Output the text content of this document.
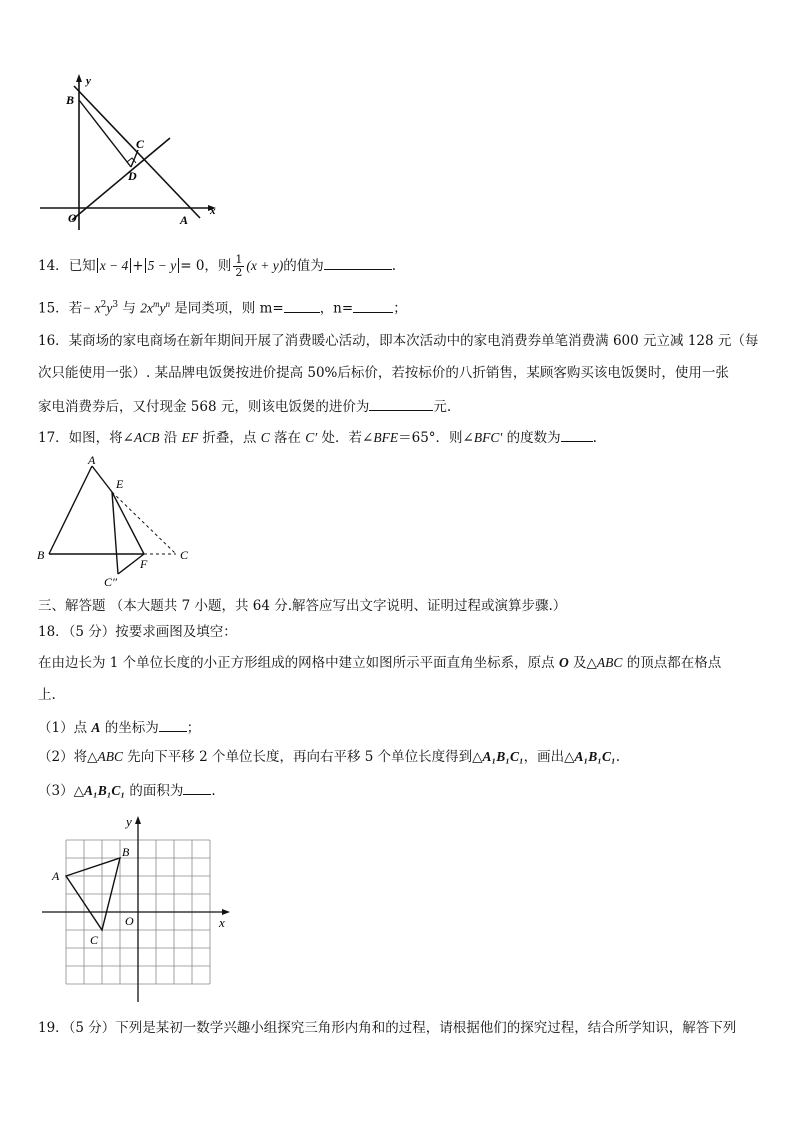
y
B
C
D
O	A
x
14．已知 x − 4 + 5 − y = 0，则 $\frac{1}{2} (x + y)$的值为	.
15．若− $x^2y^3$ 与 $2x^my^n$ 是同类项，则 m=	，n=	；
16．某商场的家电商场在新年期间开展了消费暖心活动，即本次活动中的家电消费券单笔消费满 600 元立减 128 元（每
次只能使用一张）. 某品牌电饭煲按进价提高 50%后标价，若按标价的八折销售，某顾客购买该电饭煲时，使用一张
家电消费券后，又付现金 568 元，则该电饭煲的进价为	元.
17．如图，将∠ACB 沿 EF 折叠，点 C 落在 C′ 处．若∠BFE＝65°．则∠BFC′ 的度数为 .
A
E
B
F
C
C″
三、解答题 （本大题共 7 小题，共 64 分.解答应写出文字说明、证明过程或演算步骤.）
18．（5 分）按要求画图及填空：
在由边长为 1 个单位长度的小正方形组成的网格中建立如图所示平面直角坐标系，原点 O 及△ABC 的顶点都在格点
上.
（1）点 A 的坐标为 ；
（2）将△ABC 先向下平移 2 个单位长度，再向右平移 5 个单位长度得到△A₁B₁C₁，画出△A₁B₁C₁.
（3）△A₁B₁C₁ 的面积为 .
y
x
O
A
B
C
19．（5 分）下列是某初一数学兴趣小组探究三角形内角和的过程，请根据他们的探究过程，结合所学知识，解答下列
